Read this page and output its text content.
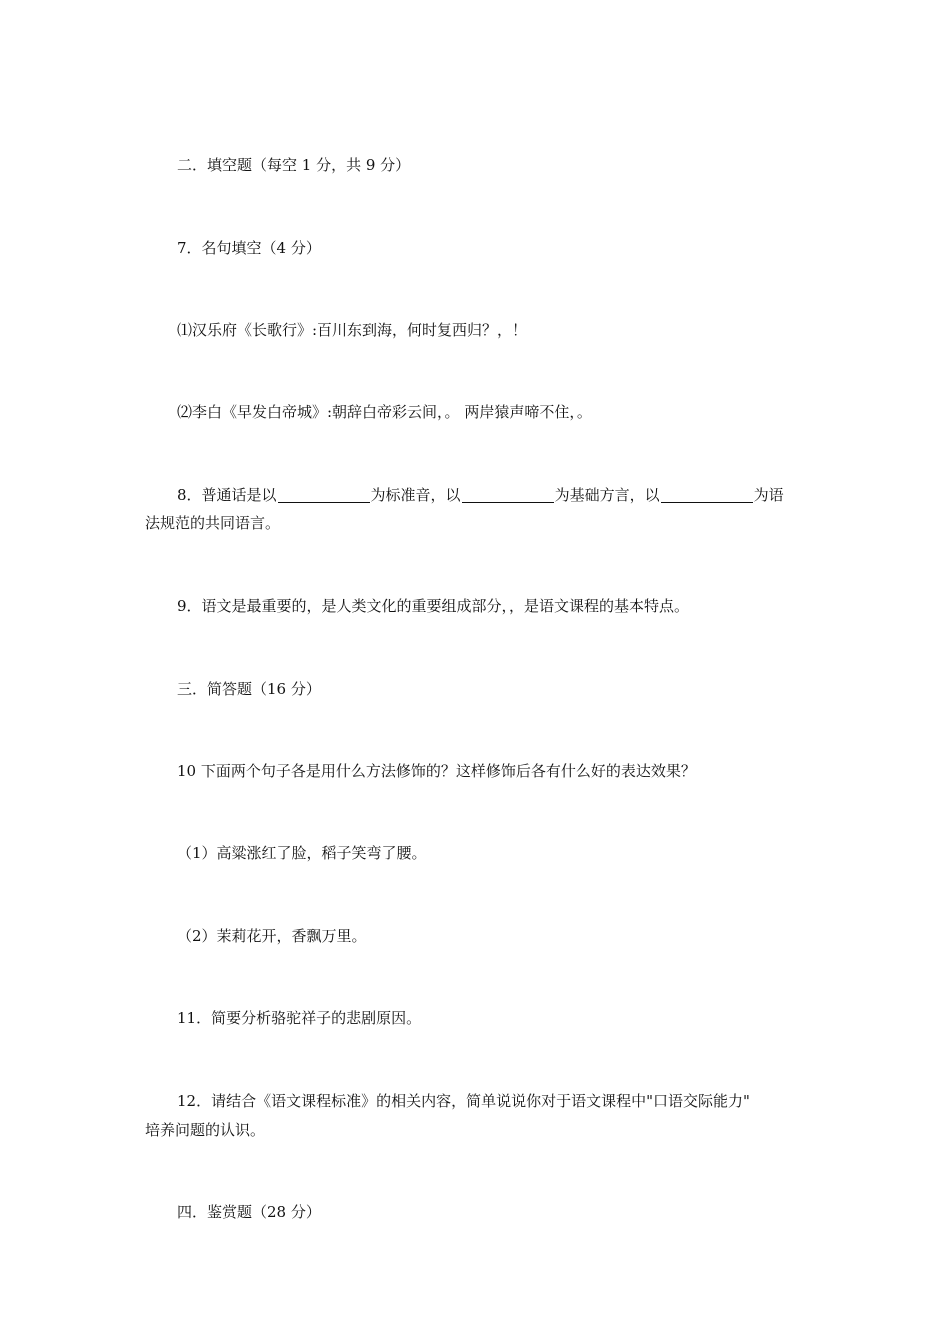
二．填空题（每空 1 分，共 9 分）
7．名句填空（4 分）
⑴汉乐府《长歌行》:百川东到海，何时复西归？，！
⑵李白《早发白帝城》:朝辞白帝彩云间，。 两岸猿声啼不住，。
8．普通话是以	为标准音，以	为基础方言，以	为语
法规范的共同语言。
9．语文是最重要的，是人类文化的重要组成部分，，是语文课程的基本特点。
三．简答题（16 分）
10 下面两个句子各是用什么方法修饰的？这样修饰后各有什么好的表达效果？
（1）高粱涨红了脸，稻子笑弯了腰。
（2）茉莉花开，香飘万里。
11．简要分析骆驼祥子的悲剧原因。
12．请结合《语文课程标准》的相关内容，简单说说你对于语文课程中"口语交际能力"
培养问题的认识。
四．鉴赏题（28 分）
